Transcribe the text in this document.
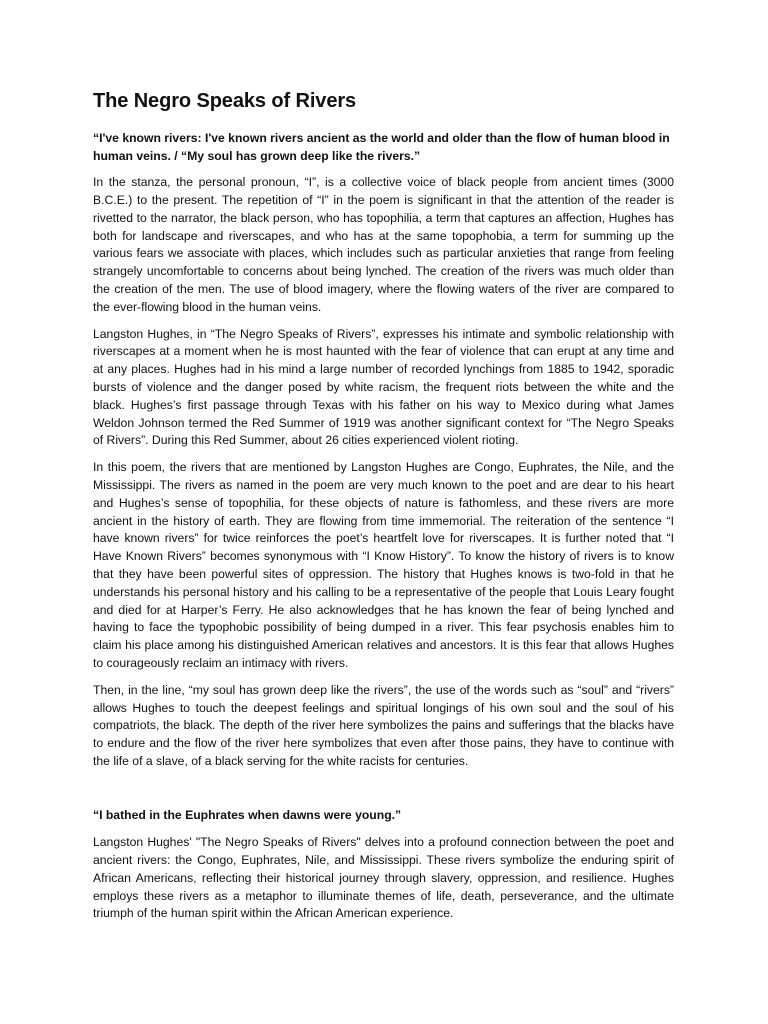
The Negro Speaks of Rivers

“I've known rivers: I've known rivers ancient as the world and older than the flow of human blood in human veins. / “My soul has grown deep like the rivers.”

In the stanza, the personal pronoun, “I”, is a collective voice of black people from ancient times (3000 B.C.E.) to the present. The repetition of “I” in the poem is significant in that the attention of the reader is rivetted to the narrator, the black person, who has topophilia, a term that captures an affection, Hughes has both for landscape and riverscapes, and who has at the same topophobia, a term for summing up the various fears we associate with places, which includes such as particular anxieties that range from feeling strangely uncomfortable to concerns about being lynched. The creation of the rivers was much older than the creation of the men. The use of blood imagery, where the flowing waters of the river are compared to the ever-flowing blood in the human veins.

Langston Hughes, in “The Negro Speaks of Rivers”, expresses his intimate and symbolic relationship with riverscapes at a moment when he is most haunted with the fear of violence that can erupt at any time and at any places. Hughes had in his mind a large number of recorded lynchings from 1885 to 1942, sporadic bursts of violence and the danger posed by white racism, the frequent riots between the white and the black. Hughes’s first passage through Texas with his father on his way to Mexico during what James Weldon Johnson termed the Red Summer of 1919 was another significant context for “The Negro Speaks of Rivers”. During this Red Summer, about 26 cities experienced violent rioting.

In this poem, the rivers that are mentioned by Langston Hughes are Congo, Euphrates, the Nile, and the Mississippi. The rivers as named in the poem are very much known to the poet and are dear to his heart and Hughes’s sense of topophilia, for these objects of nature is fathomless, and these rivers are more ancient in the history of earth. They are flowing from time immemorial. The reiteration of the sentence “I have known rivers” for twice reinforces the poet’s heartfelt love for riverscapes. It is further noted that “I Have Known Rivers” becomes synonymous with “I Know History”. To know the history of rivers is to know that they have been powerful sites of oppression. The history that Hughes knows is two-fold in that he understands his personal history and his calling to be a representative of the people that Louis Leary fought and died for at Harper’s Ferry. He also acknowledges that he has known the fear of being lynched and having to face the typophobic possibility of being dumped in a river. This fear psychosis enables him to claim his place among his distinguished American relatives and ancestors. It is this fear that allows Hughes to courageously reclaim an intimacy with rivers.

Then, in the line, “my soul has grown deep like the rivers”, the use of the words such as “soul” and “rivers” allows Hughes to touch the deepest feelings and spiritual longings of his own soul and the soul of his compatriots, the black. The depth of the river here symbolizes the pains and sufferings that the blacks have to endure and the flow of the river here symbolizes that even after those pains, they have to continue with the life of a slave, of a black serving for the white racists for centuries.

“I bathed in the Euphrates when dawns were young.”

Langston Hughes' "The Negro Speaks of Rivers" delves into a profound connection between the poet and ancient rivers: the Congo, Euphrates, Nile, and Mississippi. These rivers symbolize the enduring spirit of African Americans, reflecting their historical journey through slavery, oppression, and resilience. Hughes employs these rivers as a metaphor to illuminate themes of life, death, perseverance, and the ultimate triumph of the human spirit within the African American experience.
